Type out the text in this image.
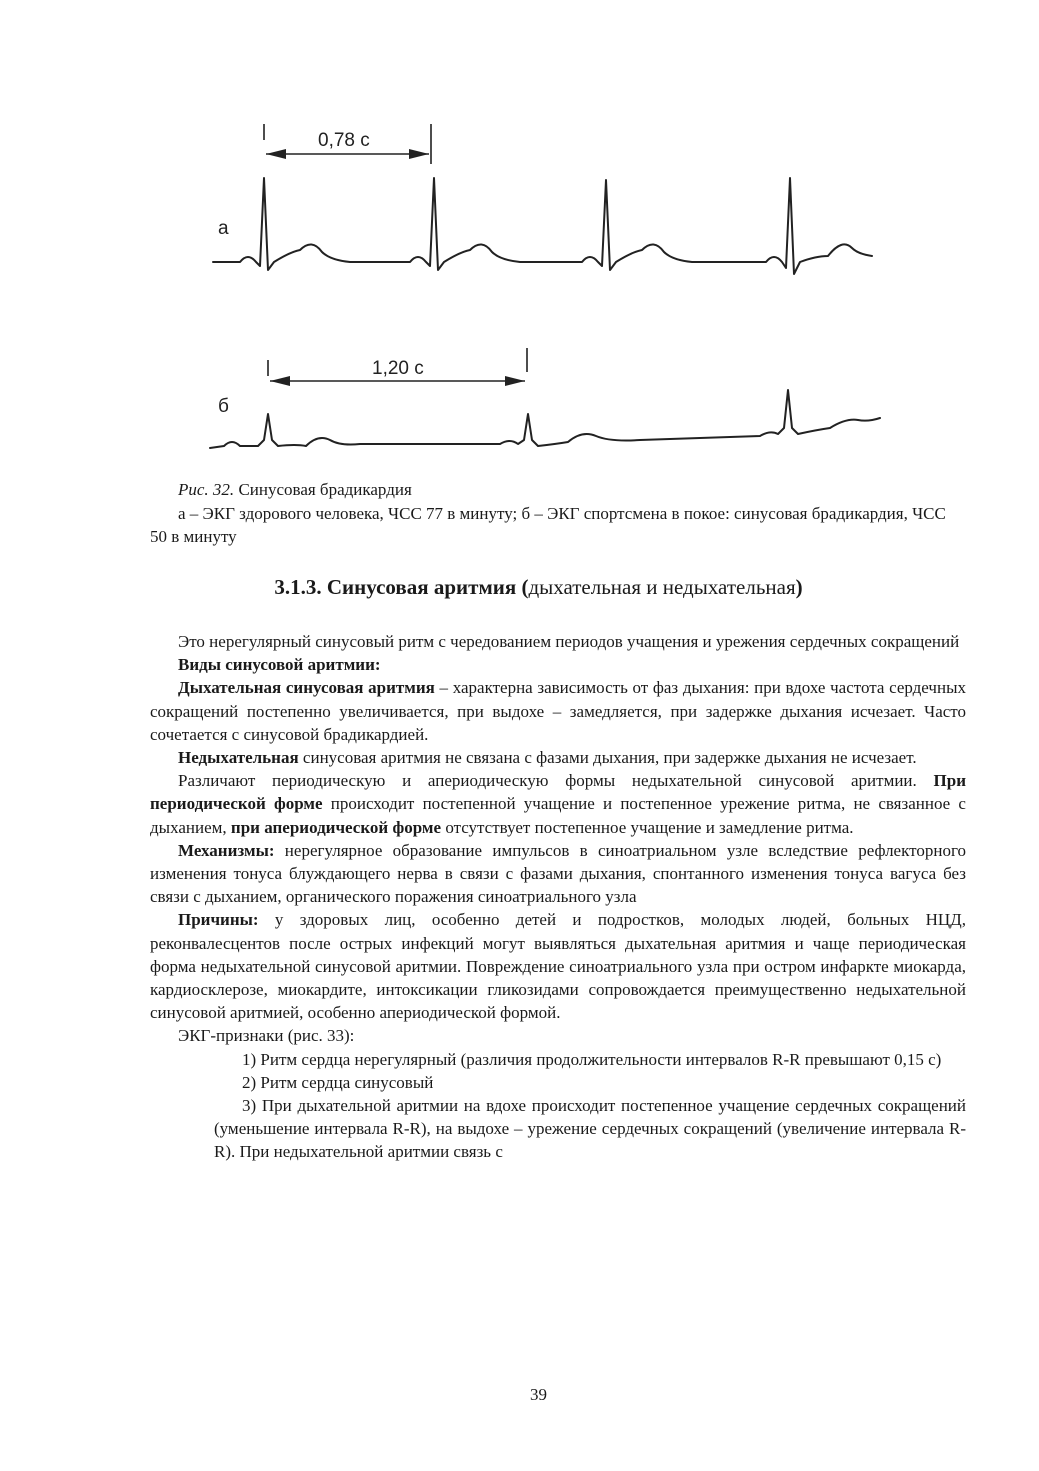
а
0,78 с
б
1,20 с
Рис. 32. Синусовая брадикардия
а – ЭКГ здорового человека, ЧСС 77 в минуту; б – ЭКГ спортсмена в покое: синусовая брадикардия, ЧСС 50 в минуту
3.1.3. Синусовая аритмия (дыхательная и недыхательная)

Это нерегулярный синусовый ритм с чередованием периодов учащения и урежения сердечных сокращений

Виды синусовой аритмии:

Дыхательная синусовая аритмия – характерна зависимость от фаз дыхания: при вдохе частота сердечных сокращений постепенно увеличивается, при выдохе – замедляется, при задержке дыхания исчезает. Часто сочетается с синусовой брадикардией.

Недыхательная синусовая аритмия не связана с фазами дыхания, при задержке дыхания не исчезает.

Различают периодическую и апериодическую формы недыхательной синусовой аритмии. При периодической форме происходит постепенной учащение и постепенное урежение ритма, не связанное с дыханием, при апериодической форме отсутствует постепенное учащение и замедление ритма.

Механизмы: нерегулярное образование импульсов в синоатриальном узле вследствие рефлекторного изменения тонуса блуждающего нерва в связи с фазами дыхания, спонтанного изменения тонуса вагуса без связи с дыханием, органического поражения синоатриального узла

Причины: у здоровых лиц, особенно детей и подростков, молодых людей, больных НЦД, реконвалесцентов после острых инфекций могут выявляться дыхательная аритмия и чаще периодическая форма недыхательной синусовой аритмии. Повреждение синоатриального узла при остром инфаркте миокарда, кардиосклерозе, миокардите, интоксикации гликозидами сопровождается преимущественно недыхательной синусовой аритмией, особенно апериодической формой.

ЭКГ-признаки (рис. 33):

1) Ритм сердца нерегулярный (различия продолжительности интервалов R-R превышают 0,15 с)

2) Ритм сердца синусовый

3) При дыхательной аритмии на вдохе происходит постепенное учащение сердечных сокращений (уменьшение интервала R-R), на выдохе – урежение сердечных сокращений (увеличение интервала R-R). При недыхательной аритмии связь с

39
